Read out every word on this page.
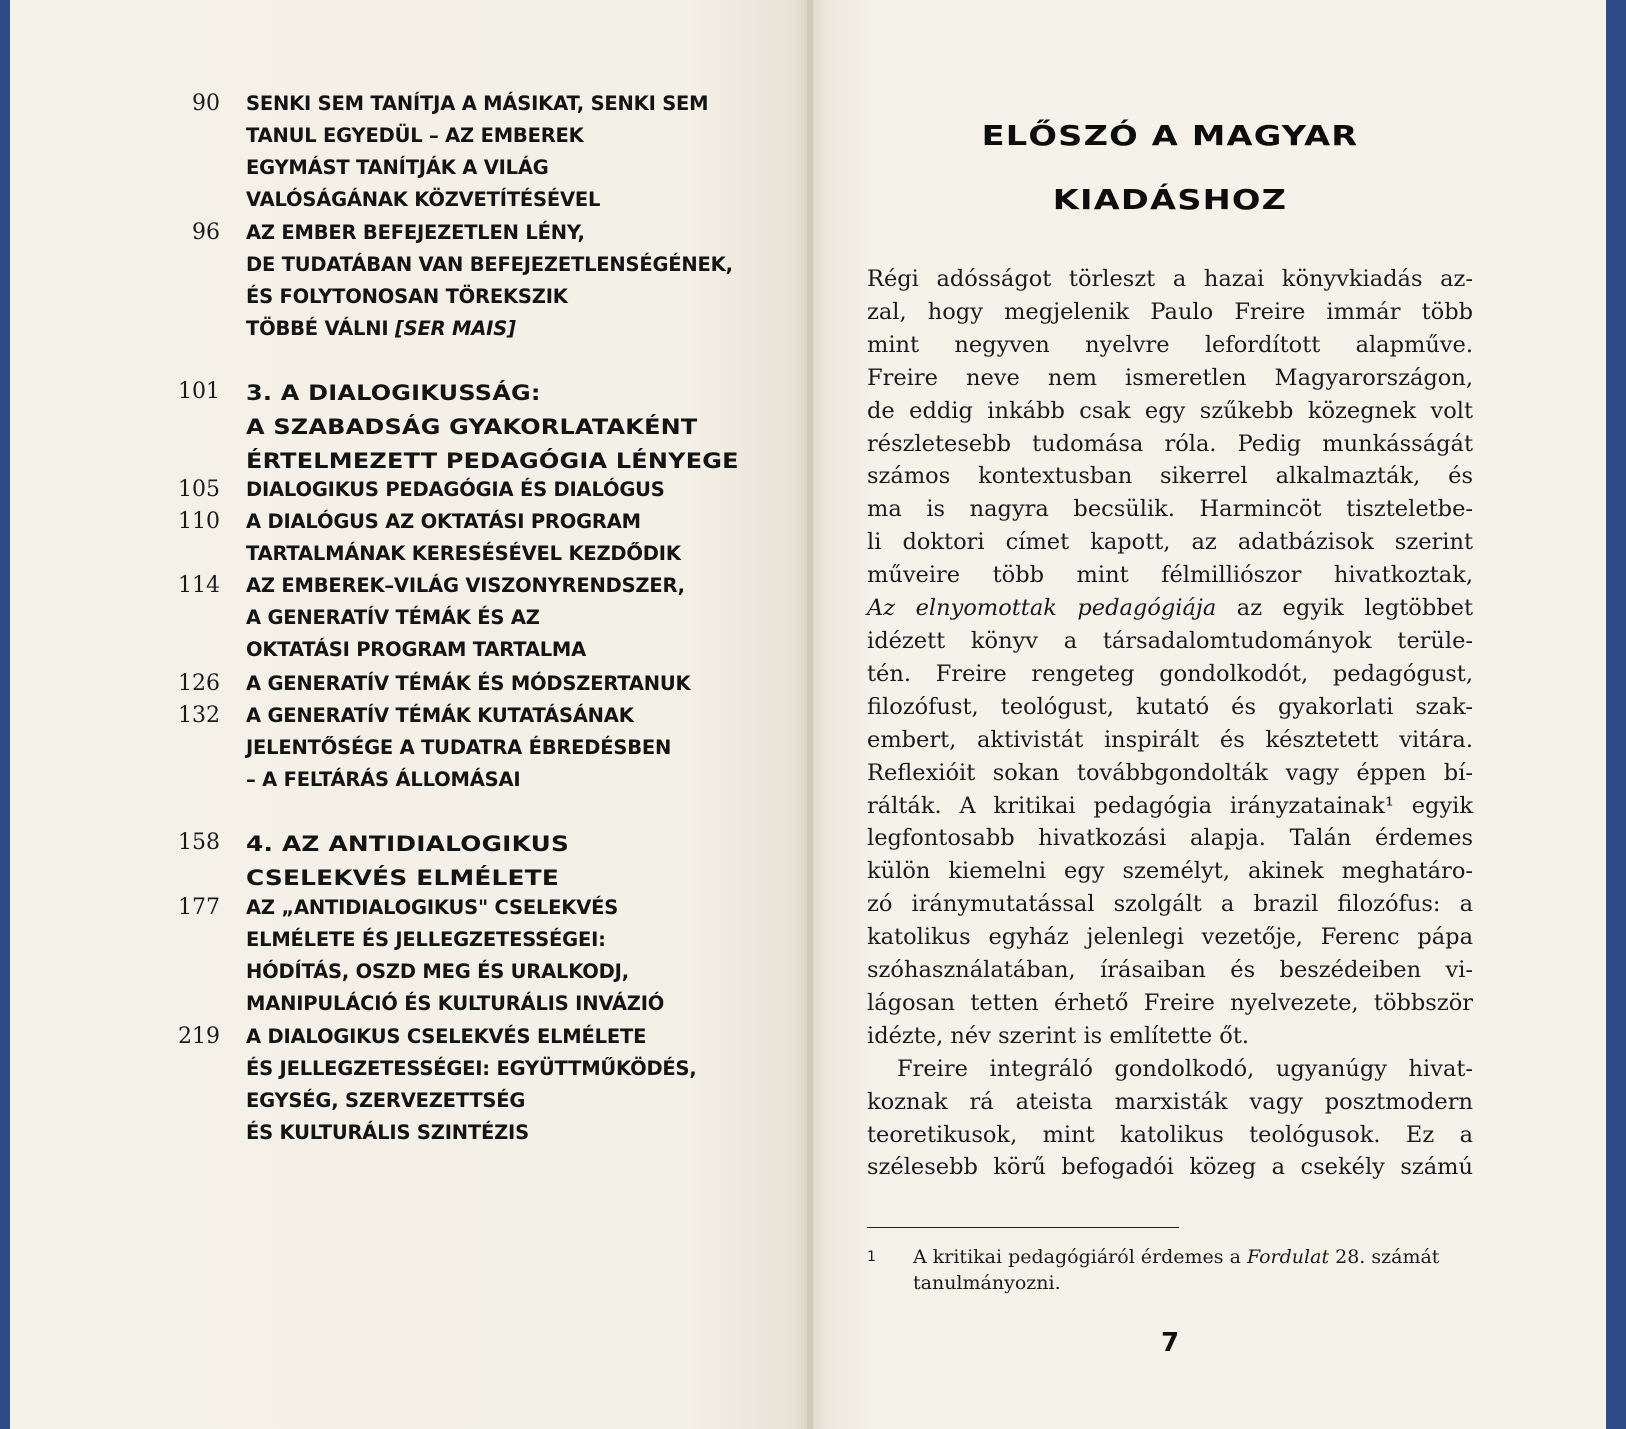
90 SENKI SEM TANÍTJA A MÁSIKAT, SENKI SEM
TANUL EGYEDÜL – AZ EMBEREK
EGYMÁST TANÍTJÁK A VILÁG
VALÓSÁGÁNAK KÖZVETÍTÉSÉVEL
96 AZ EMBER BEFEJEZETLEN LÉNY,
DE TUDATÁBAN VAN BEFEJEZETLENSÉGÉNEK,
ÉS FOLYTONOSAN TÖREKSZIK
TÖBBÉ VÁLNI [SER MAIS]
101 3. A DIALOGIKUSSÁG:
A SZABADSÁG GYAKORLATAKÉNT
ÉRTELMEZETT PEDAGÓGIA LÉNYEGE
105 DIALOGIKUS PEDAGÓGIA ÉS DIALÓGUS
110 A DIALÓGUS AZ OKTATÁSI PROGRAM
TARTALMÁNAK KERESÉSÉVEL KEZDŐDIK
114 AZ EMBEREK–VILÁG VISZONYRENDSZER,
A GENERATÍV TÉMÁK ÉS AZ
OKTATÁSI PROGRAM TARTALMA
126 A GENERATÍV TÉMÁK ÉS MÓDSZERTANUK
132 A GENERATÍV TÉMÁK KUTATÁSÁNAK
JELENTŐSÉGE A TUDATRA ÉBREDÉSBEN
– A FELTÁRÁS ÁLLOMÁSAI
158 4. AZ ANTIDIALOGIKUS
CSELEKVÉS ELMÉLETE
177 AZ „ANTIDIALOGIKUS" CSELEKVÉS
ELMÉLETE ÉS JELLEGZETESSÉGEI:
HÓDÍTÁS, OSZD MEG ÉS URALKODJ,
MANIPULÁCIÓ ÉS KULTURÁLIS INVÁZIÓ
219 A DIALOGIKUS CSELEKVÉS ELMÉLETE
ÉS JELLEGZETESSÉGEI: EGYÜTTMŰKÖDÉS,
EGYSÉG, SZERVEZETTSÉG
ÉS KULTURÁLIS SZINTÉZIS

ELŐSZÓ A MAGYAR

KIADÁSHOZ

Régi adósságot törleszt a hazai könyvkiadás az-
zal, hogy megjelenik Paulo Freire immár több
mint negyven nyelvre lefordított alapműve.
Freire neve nem ismeretlen Magyarországon,
de eddig inkább csak egy szűkebb közegnek volt
részletesebb tudomása róla. Pedig munkásságát
számos kontextusban sikerrel alkalmazták, és
ma is nagyra becsülik. Harmincöt tiszteletbe-
li doktori címet kapott, az adatbázisok szerint
műveire több mint félmilliószor hivatkoztak,
Az elnyomottak pedagógiája az egyik legtöbbet
idézett könyv a társadalomtudományok terüle-
tén. Freire rengeteg gondolkodót, pedagógust,
filozófust, teológust, kutató és gyakorlati szak-
embert, aktivistát inspirált és késztetett vitára.
Reflexióit sokan továbbgondolták vagy éppen bí-
rálták. A kritikai pedagógia irányzatainak¹ egyik
legfontosabb hivatkozási alapja. Talán érdemes
külön kiemelni egy személyt, akinek meghatáro-
zó iránymutatással szolgált a brazil filozófus: a
katolikus egyház jelenlegi vezetője, Ferenc pápa
szóhasználatában, írásaiban és beszédeiben vi-
lágosan tetten érhető Freire nyelvezete, többször
idézte, név szerint is említette őt.
Freire integráló gondolkodó, ugyanúgy hivat-
koznak rá ateista marxisták vagy posztmodern
teoretikusok, mint katolikus teológusok. Ez a
szélesebb körű befogadói közeg a csekély számú
1 A kritikai pedagógiáról érdemes a Fordulat 28. számát
tanulmányozni.
7
